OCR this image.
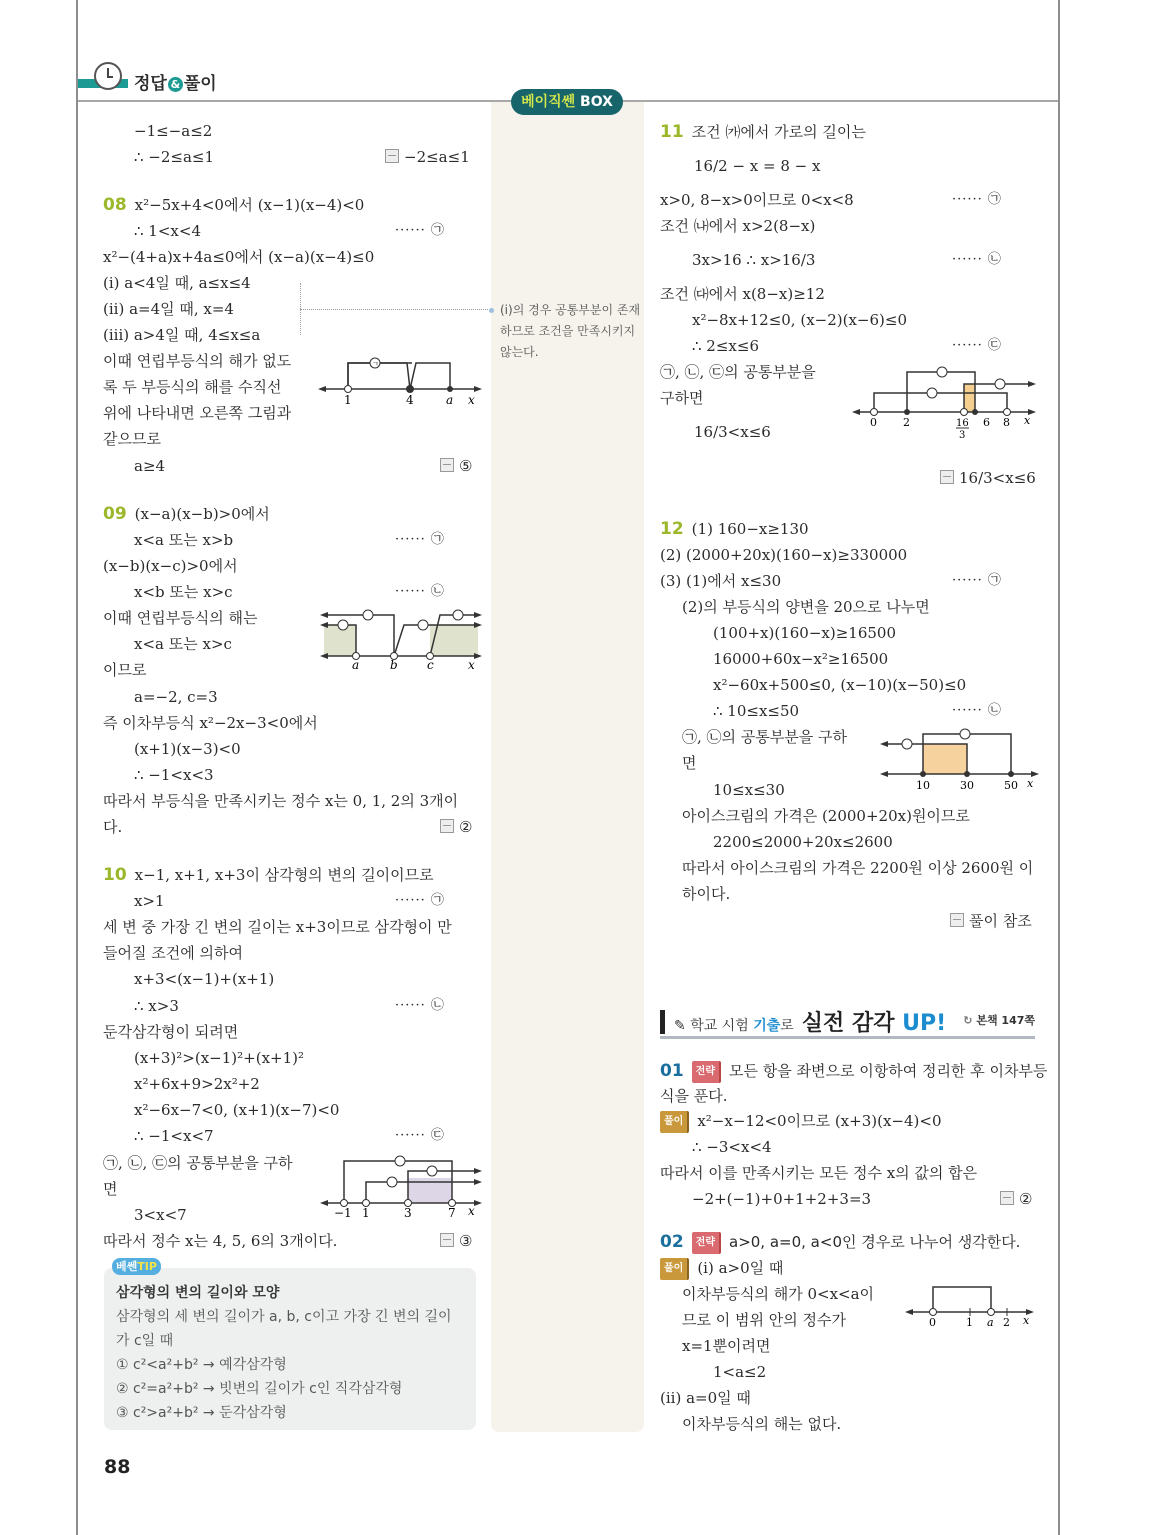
정답 & 풀이
베이직쎈 BOX
(i)의 경우 공통부분이 존재하므로 조건을 만족시키지 않는다.
−1≤−a≤2
∴ −2≤a≤1	−2≤a≤1
08 x²−5x+4<0에서 (x−1)(x−4)<0
∴ 1<x<4	······ ㉠
x²−(4+a)x+4a≤0에서 (x−a)(x−4)≤0
(i) a<4일 때, a≤x≤4
(ii) a=4일 때, x=4
(iii) a>4일 때, 4≤x≤a
이때 연립부등식의 해가 없도
록 두 부등식의 해를 수직선
위에 나타내면 오른쪽 그림과
같으므로
a≥4	⑤
ㄱ
1	4	a x
09 (x−a)(x−b)>0에서
x<a 또는 x>b	······ ㉠
(x−b)(x−c)>0에서
x<b 또는 x>c	······ ㉡
이때 연립부등식의 해는
x<a 또는 x>c
이므로
a=−2, c=3
즉 이차부등식 x²−2x−3<0에서
(x+1)(x−3)<0
∴ −1<x<3
따라서 부등식을 만족시키는 정수 x는 0, 1, 2의 3개이
다.	②
a	b c	x
10 x−1, x+1, x+3이 삼각형의 변의 길이이므로
x>1	······ ㉠
세 변 중 가장 긴 변의 길이는 x+3이므로 삼각형이 만
들어질 조건에 의하여
x+3<(x−1)+(x+1)
∴ x>3	······ ㉡
둔각삼각형이 되려면
(x+3)²>(x−1)²+(x+1)²
x²+6x+9>2x²+2
x²−6x−7<0, (x+1)(x−7)<0
∴ −1<x<7	······ ㉢
㉠, ㉡, ㉢의 공통부분을 구하
면
3<x<7
따라서 정수 x는 4, 5, 6의 3개이다.	③
−1 1	3	7 x
베쎈TIP
삼각형의 변의 길이와 모양
삼각형의 세 변의 길이가 a, b, c이고 가장 긴 변의 길이
가 c일 때
① c²<a²+b² → 예각삼각형
② c²=a²+b² → 빗변의 길이가 c인 직각삼각형
③ c²>a²+b² → 둔각삼각형
88
11 조건 ㈎에서 가로의 길이는
16/2 − x = 8 − x
x>0, 8−x>0이므로 0<x<8	······ ㉠
조건 ㈏에서 x>2(8−x)
3x>16 ∴ x>16/3	······ ㉡
조건 ㈐에서 x(8−x)≥12
x²−8x+12≤0, (x−2)(x−6)≤0
∴ 2≤x≤6	······ ㉢
㉠, ㉡, ㉢의 공통부분을
구하면
16/3<x≤6
16/3<x≤6
0 2	16
3
6 8 x
12 (1) 160−x≥130
(2) (2000+20x)(160−x)≥330000
(3) (1)에서 x≤30	······ ㉠
(2)의 부등식의 양변을 20으로 나누면
(100+x)(160−x)≥16500
16000+60x−x²≥16500
x²−60x+500≤0, (x−10)(x−50)≤0
∴ 10≤x≤50	······ ㉡
㉠, ㉡의 공통부분을 구하
면
10≤x≤30
아이스크림의 가격은 (2000+20x)원이므로
2200≤2000+20x≤2600
따라서 아이스크림의 가격은 2200원 이상 2600원 이
하이다.
풀이 참조
10	30	50 x
✎ 학교 시험 기출로 실전 감각 UP! ↻ 본책 147쪽
01 전략 모든 항을 좌변으로 이항하여 정리한 후 이차부등
식을 푼다.
풀이 x²−x−12<0이므로 (x+3)(x−4)<0
∴ −3<x<4
따라서 이를 만족시키는 모든 정수 x의 값의 합은
−2+(−1)+0+1+2+3=3	②
02 전략 a>0, a=0, a<0인 경우로 나누어 생각한다.
풀이 (i) a>0일 때
이차부등식의 해가 0<x<a이
므로 이 범위 안의 정수가
x=1뿐이려면
1<a≤2
(ii) a=0일 때
이차부등식의 해는 없다.
0	1 a 2 x
